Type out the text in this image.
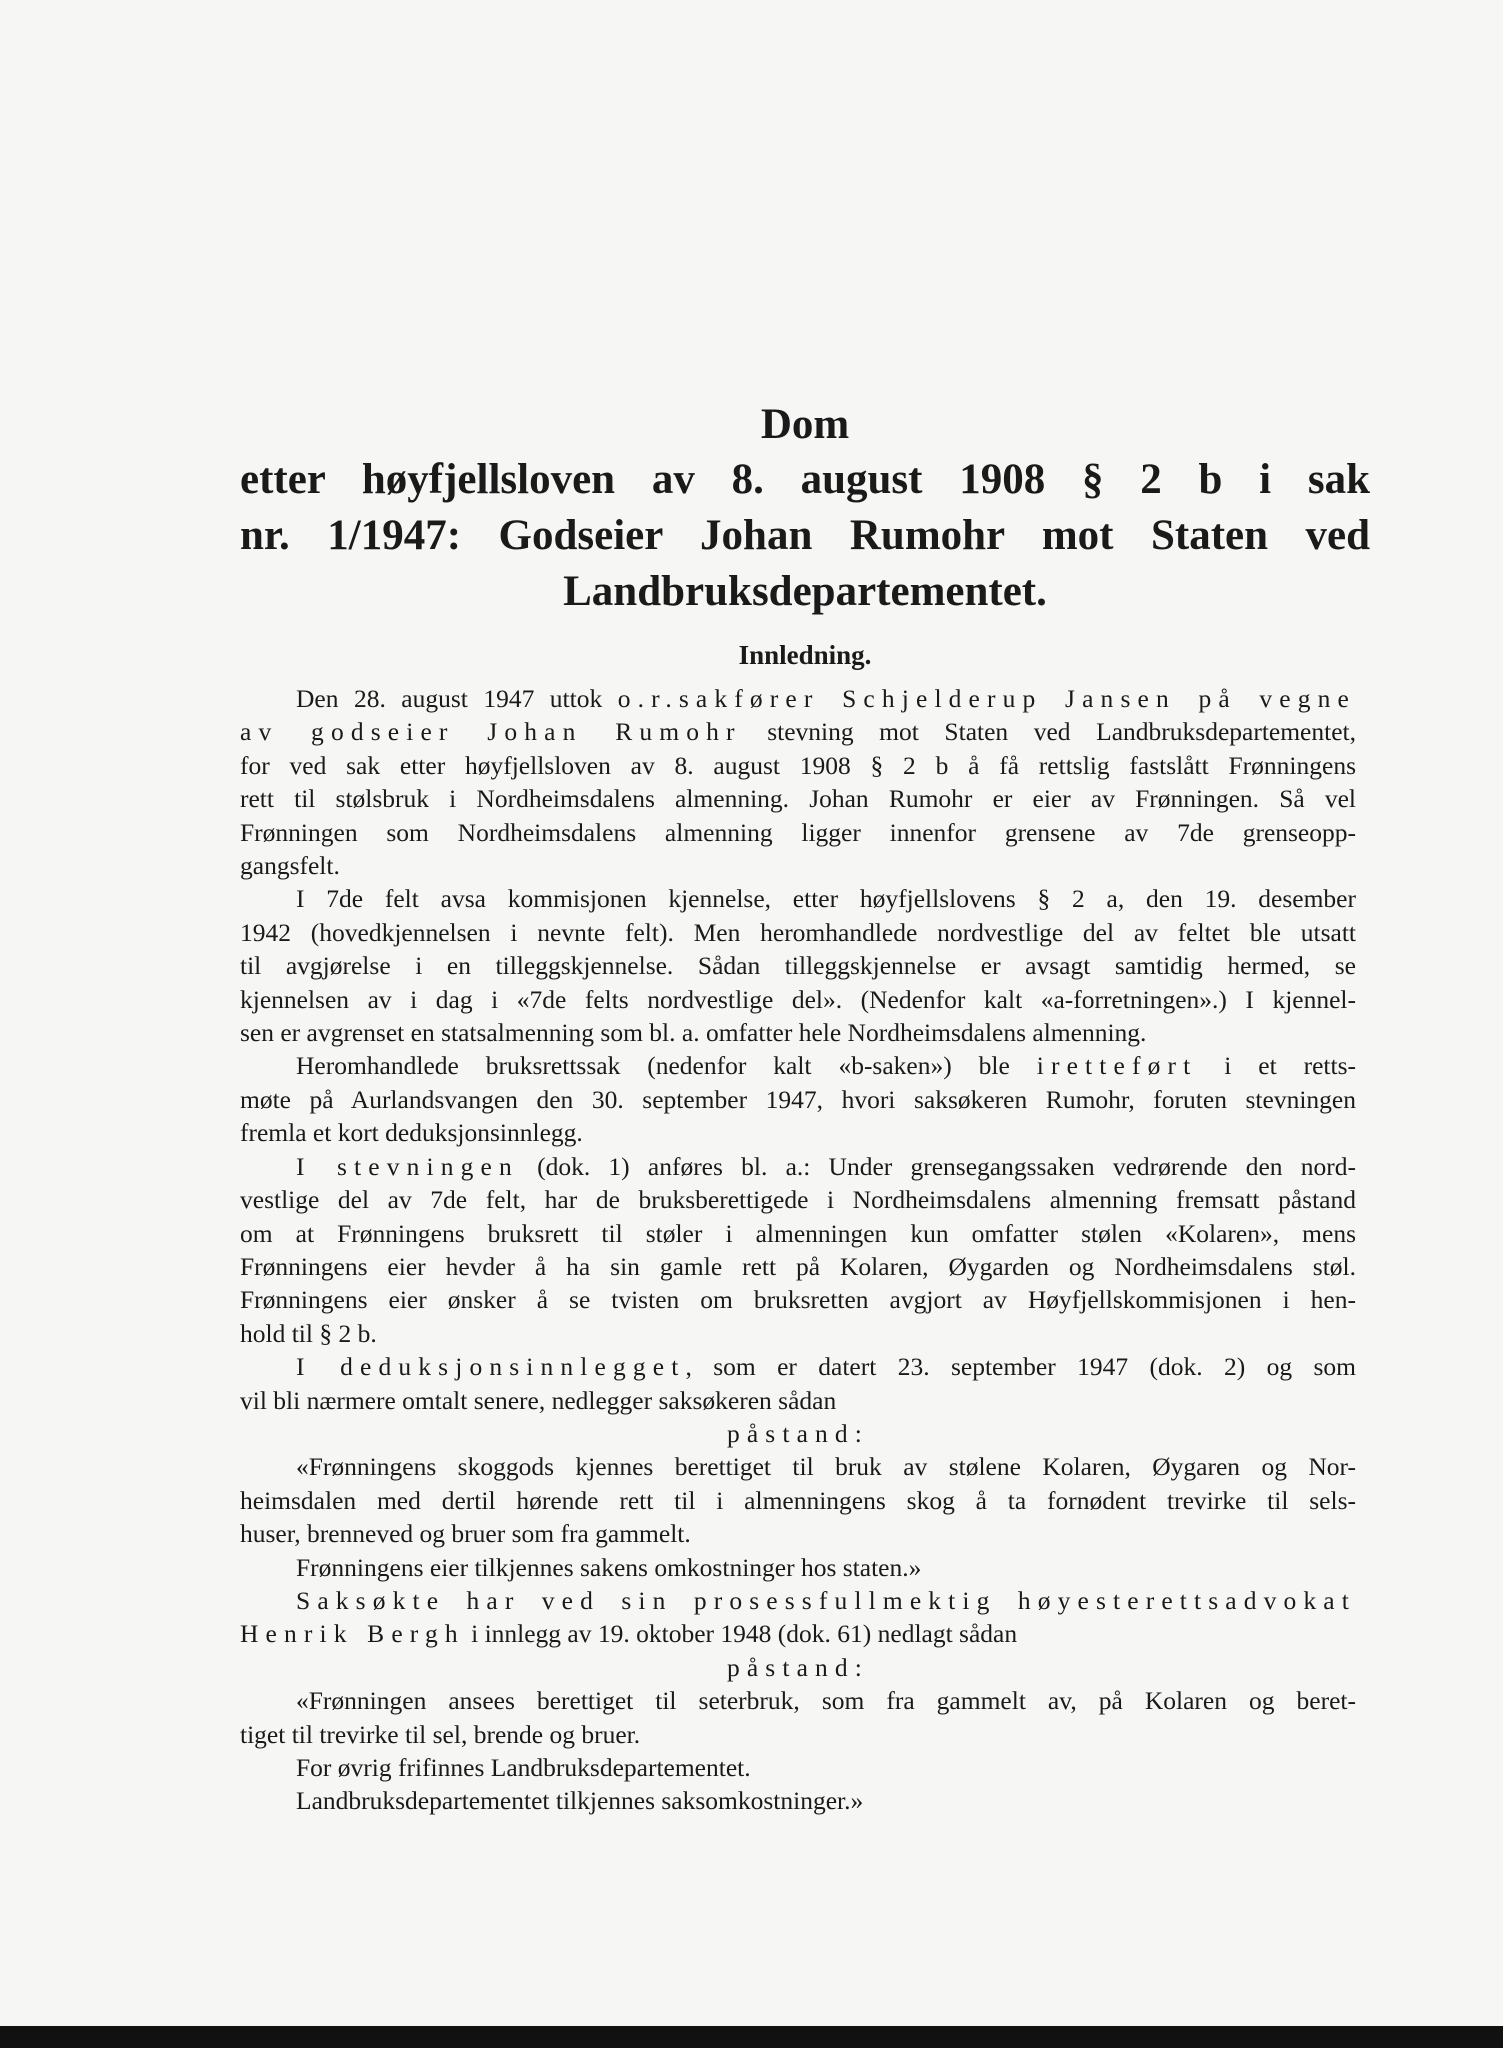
Dom
etter høyfjellsloven av 8. august 1908 § 2 b i sak
nr. 1/1947: Godseier Johan Rumohr mot Staten ved
Landbruksdepartementet.
Innledning.

Den 28. august 1947 uttok o.r.sakfører Schjelderup Jansen på vegne
av godseier Johan Rumohr stevning mot Staten ved Landbruksdepartementet,
for ved sak etter høyfjellsloven av 8. august 1908 § 2 b å få rettslig fastslått Frønningens
rett til stølsbruk i Nordheimsdalens almenning. Johan Rumohr er eier av Frønningen. Så vel
Frønningen som Nordheimsdalens almenning ligger innenfor grensene av 7de grenseopp-
gangsfelt.

I 7de felt avsa kommisjonen kjennelse, etter høyfjellslovens § 2 a, den 19. desember
1942 (hovedkjennelsen i nevnte felt). Men heromhandlede nordvestlige del av feltet ble utsatt
til avgjørelse i en tilleggskjennelse. Sådan tilleggskjennelse er avsagt samtidig hermed, se
kjennelsen av i dag i «7de felts nordvestlige del». (Nedenfor kalt «a-forretningen».) I kjennel-
sen er avgrenset en statsalmenning som bl. a. omfatter hele Nordheimsdalens almenning.

Heromhandlede bruksrettssak (nedenfor kalt «b-saken») ble iretteført i et retts-
møte på Aurlandsvangen den 30. september 1947, hvori saksøkeren Rumohr, foruten stevningen
fremla et kort deduksjonsinnlegg.

I stevningen (dok. 1) anføres bl. a.: Under grensegangssaken vedrørende den nord-
vestlige del av 7de felt, har de bruksberettigede i Nordheimsdalens almenning fremsatt påstand
om at Frønningens bruksrett til støler i almenningen kun omfatter stølen «Kolaren», mens
Frønningens eier hevder å ha sin gamle rett på Kolaren, Øygarden og Nordheimsdalens støl.
Frønningens eier ønsker å se tvisten om bruksretten avgjort av Høyfjellskommisjonen i hen-
hold til § 2 b.

I deduksjonsinnlegget, som er datert 23. september 1947 (dok. 2) og som
vil bli nærmere omtalt senere, nedlegger saksøkeren sådan

påstand:

«Frønningens skoggods kjennes berettiget til bruk av stølene Kolaren, Øygaren og Nor-
heimsdalen med dertil hørende rett til i almenningens skog å ta fornødent trevirke til sels-
huser, brenneved og bruer som fra gammelt.
Frønningens eier tilkjennes sakens omkostninger hos staten.»

Saksøkte har ved sin prosessfullmektig høyesterettsadvokat
Henrik Bergh i innlegg av 19. oktober 1948 (dok. 61) nedlagt sådan

påstand:

«Frønningen ansees berettiget til seterbruk, som fra gammelt av, på Kolaren og beret-
tiget til trevirke til sel, brende og bruer.
For øvrig frifinnes Landbruksdepartementet.
Landbruksdepartementet tilkjennes saksomkostninger.»
